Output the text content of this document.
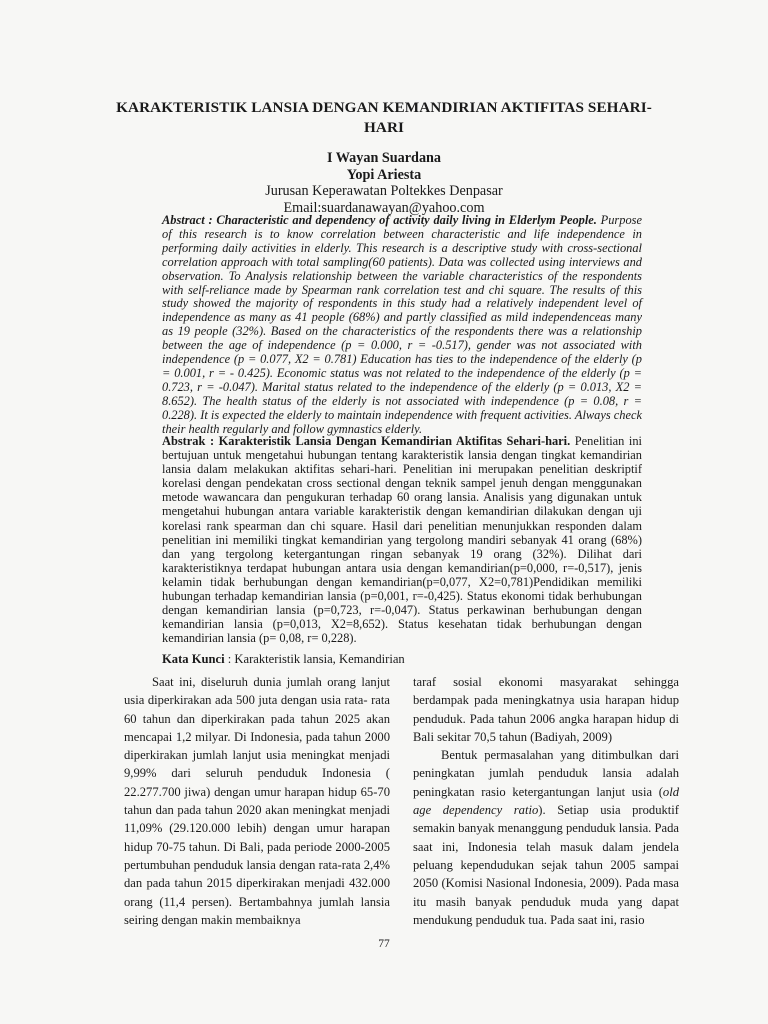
KARAKTERISTIK LANSIA DENGAN KEMANDIRIAN AKTIFITAS SEHARI-HARI
I Wayan Suardana
Yopi Ariesta
Jurusan Keperawatan Poltekkes Denpasar
Email:suardanawayan@yahoo.com
Abstract : Characteristic and dependency of activity daily living in Elderlym People. Purpose of this research is to know correlation between characteristic and life independence in performing daily activities in elderly. This research is a descriptive study with cross-sectional correlation approach with total sampling(60 patients). Data was collected using interviews and observation. To Analysis relationship between the variable characteristics of the respondents with self-reliance made by Spearman rank correlation test and chi square. The results of this study showed the majority of respondents in this study had a relatively independent level of independence as many as 41 people (68%) and partly classified as mild independenceas many as 19 people (32%). Based on the characteristics of the respondents there was a relationship between the age of independence (p = 0.000, r = -0.517), gender was not associated with independence (p = 0.077, X2 = 0.781) Education has ties to the independence of the elderly (p = 0.001, r = - 0.425). Economic status was not related to the independence of the elderly (p = 0.723, r = -0.047). Marital status related to the independence of the elderly (p = 0.013, X2 = 8.652). The health status of the elderly is not associated with independence (p = 0.08, r = 0.228). It is expected the elderly to maintain independence with frequent activities. Always check their health regularly and follow gymnastics elderly.
Abstrak : Karakteristik Lansia Dengan Kemandirian Aktifitas Sehari-hari. Penelitian ini bertujuan untuk mengetahui hubungan tentang karakteristik lansia dengan tingkat kemandirian lansia dalam melakukan aktifitas sehari-hari. Penelitian ini merupakan penelitian deskriptif korelasi dengan pendekatan cross sectional dengan teknik sampel jenuh dengan menggunakan metode wawancara dan pengukuran terhadap 60 orang lansia. Analisis yang digunakan untuk mengetahui hubungan antara variable karakteristik dengan kemandirian dilakukan dengan uji korelasi rank spearman dan chi square. Hasil dari penelitian menunjukkan responden dalam penelitian ini memiliki tingkat kemandirian yang tergolong mandiri sebanyak 41 orang (68%) dan yang tergolong ketergantungan ringan sebanyak 19 orang (32%). Dilihat dari karakteristiknya terdapat hubungan antara usia dengan kemandirian(p=0,000, r=-0,517), jenis kelamin tidak berhubungan dengan kemandirian(p=0,077, X2=0,781)Pendidikan memiliki hubungan terhadap kemandirian lansia (p=0,001, r=-0,425). Status ekonomi tidak berhubungan dengan kemandirian lansia (p=0,723, r=-0,047). Status perkawinan berhubungan dengan kemandirian lansia (p=0,013, X2=8,652). Status kesehatan tidak berhubungan dengan kemandirian lansia (p= 0,08, r= 0,228).
Kata Kunci : Karakteristik lansia, Kemandirian

Saat ini, diseluruh dunia jumlah orang lanjut usia diperkirakan ada 500 juta dengan usia rata- rata 60 tahun dan diperkirakan pada tahun 2025 akan mencapai 1,2 milyar. Di Indonesia, pada tahun 2000 diperkirakan jumlah lanjut usia meningkat menjadi 9,99% dari seluruh penduduk Indonesia ( 22.277.700 jiwa) dengan umur harapan hidup 65-70 tahun dan pada tahun 2020 akan meningkat menjadi 11,09% (29.120.000 lebih) dengan umur harapan hidup 70-75 tahun. Di Bali, pada periode 2000-2005 pertumbuhan penduduk lansia dengan rata-rata 2,4% dan pada tahun 2015 diperkirakan menjadi 432.000 orang (11,4 persen). Bertambahnya jumlah lansia seiring dengan makin membaiknya

taraf sosial ekonomi masyarakat sehingga berdampak pada meningkatnya usia harapan hidup penduduk. Pada tahun 2006 angka harapan hidup di Bali sekitar 70,5 tahun (Badiyah, 2009)

Bentuk permasalahan yang ditimbulkan dari peningkatan jumlah penduduk lansia adalah peningkatan rasio ketergantungan lanjut usia (old age dependency ratio). Setiap usia produktif semakin banyak menanggung penduduk lansia. Pada saat ini, Indonesia telah masuk dalam jendela peluang kependudukan sejak tahun 2005 sampai 2050 (Komisi Nasional Indonesia, 2009). Pada masa itu masih banyak penduduk muda yang dapat mendukung penduduk tua. Pada saat ini, rasio

77
